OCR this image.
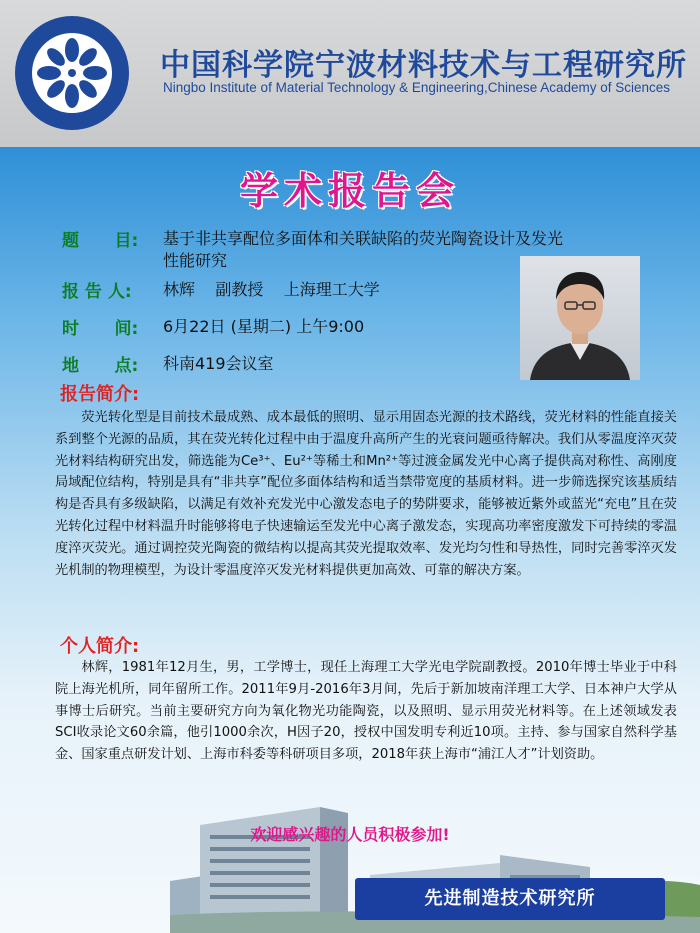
中国科学院宁波材料技术与工程研究所
Ningbo Institute of Material Technology & Engineering,Chinese Academy of Sciences
学术报告会
题      目: 基于非共享配位多面体和关联缺陷的荧光陶瓷设计及发光
性能研究
报 告 人: 林辉    副教授    上海理工大学
时      间: 6月22日 (星期二) 上午9:00
地      点: 科南419会议室
报告简介:
荧光转化型是目前技术最成熟、成本最低的照明、显示用固态光源的技术路线，荧光材料的性能直接关系到整个光源的品质，其在荧光转化过程中由于温度升高所产生的光衰问题亟待解决。我们从零温度淬灭荧光材料结构研究出发，筛选能为Ce³⁺、Eu²⁺等稀土和Mn²⁺等过渡金属发光中心离子提供高对称性、高刚度局域配位结构，特别是具有“非共享”配位多面体结构和适当禁带宽度的基质材料。进一步筛选探究该基质结构是否具有多级缺陷，以满足有效补充发光中心激发态电子的势阱要求，能够被近紫外或蓝光“充电”且在荧光转化过程中材料温升时能够将电子快速输运至发光中心离子激发态，实现高功率密度激发下可持续的零温度淬灭荧光。通过调控荧光陶瓷的微结构以提高其荧光提取效率、发光均匀性和导热性，同时完善零淬灭发光机制的物理模型，为设计零温度淬灭发光材料提供更加高效、可靠的解决方案。
个人简介:
林辉，1981年12月生，男，工学博士，现任上海理工大学光电学院副教授。2010年博士毕业于中科院上海光机所，同年留所工作。2011年9月-2016年3月间，先后于新加坡南洋理工大学、日本神户大学从事博士后研究。当前主要研究方向为氧化物光功能陶瓷，以及照明、显示用荧光材料等。在上述领域发表SCI收录论文60余篇，他引1000余次，H因子20，授权中国发明专利近10项。主持、参与国家自然科学基金、国家重点研发计划、上海市科委等科研项目多项，2018年获上海市“浦江人才”计划资助。
欢迎感兴趣的人员积极参加!
先进制造技术研究所
